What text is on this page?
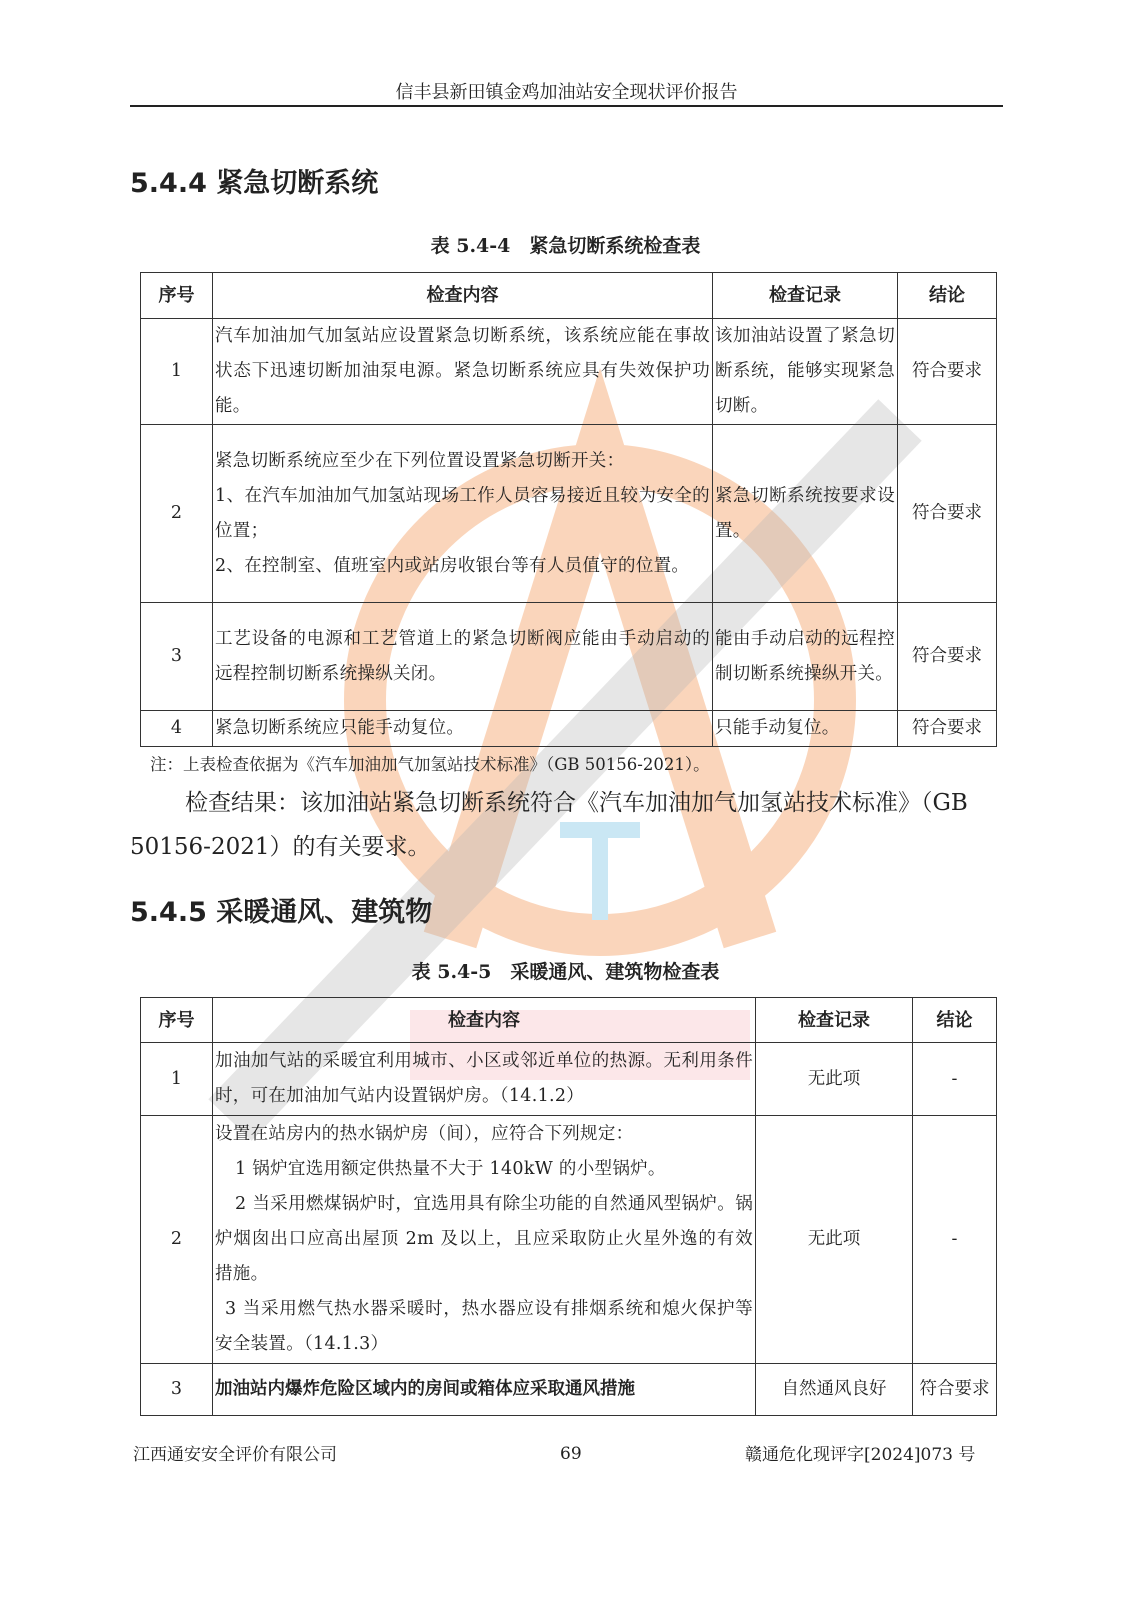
信丰县新田镇金鸡加油站安全现状评价报告
5.4.4 紧急切断系统
表 5.4-4　紧急切断系统检查表
序号	检查内容	检查记录	结论
1	汽车加油加气加氢站应设置紧急切断系统，该系统应能在事故状态下迅速切断加油泵电源。紧急切断系统应具有失效保护功能。	该加油站设置了紧急切断系统，能够实现紧急切断。	符合要求
2	紧急切断系统应至少在下列位置设置紧急切断开关：
1、在汽车加油加气加氢站现场工作人员容易接近且较为安全的位置；
2、在控制室、值班室内或站房收银台等有人员值守的位置。	紧急切断系统按要求设置。	符合要求
3	工艺设备的电源和工艺管道上的紧急切断阀应能由手动启动的远程控制切断系统操纵关闭。	能由手动启动的远程控制切断系统操纵开关。	符合要求
4	紧急切断系统应只能手动复位。	只能手动复位。	符合要求
注：上表检查依据为《汽车加油加气加氢站技术标准》（GB 50156-2021）。
检查结果：该加油站紧急切断系统符合《汽车加油加气加氢站技术标准》（GB 50156-2021）的有关要求。
5.4.5 采暖通风、建筑物
表 5.4-5　采暖通风、建筑物检查表
序号	检查内容	检查记录	结论
1	加油加气站的采暖宜利用城市、小区或邻近单位的热源。无利用条件时，可在加油加气站内设置锅炉房。（14.1.2）	无此项	-
2	设置在站房内的热水锅炉房（间），应符合下列规定：
1 锅炉宜选用额定供热量不大于 140kW 的小型锅炉。
2 当采用燃煤锅炉时，宜选用具有除尘功能的自然通风型锅炉。锅炉烟囱出口应高出屋顶 2m 及以上，且应采取防止火星外逸的有效措施。
3 当采用燃气热水器采暖时，热水器应设有排烟系统和熄火保护等安全装置。（14.1.3）	无此项	-
3	加油站内爆炸危险区域内的房间或箱体应采取通风措施	自然通风良好	符合要求
江西通安安全评价有限公司	69	赣通危化现评字[2024]073 号
